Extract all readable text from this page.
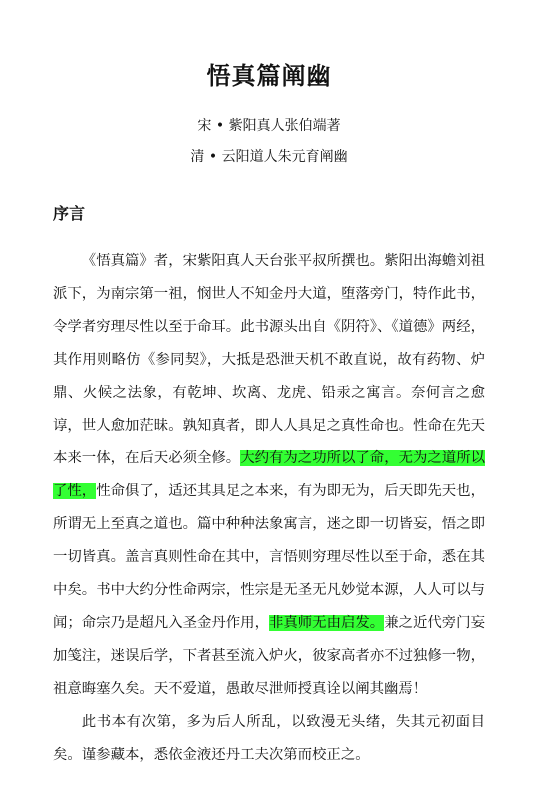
悟真篇阐幽
宋 • 紫阳真人张伯端著
清 • 云阳道人朱元育阐幽
序言

《悟真篇》者，宋紫阳真人天台张平叔所撰也。紫阳出海蟾刘祖派下，为南宗第一祖，悯世人不知金丹大道，堕落旁门，特作此书，令学者穷理尽性以至于命耳。此书源头出自《阴符》、《道德》两经，其作用则略仿《参同契》，大抵是恐泄天机不敢直说，故有药物、炉鼎、火候之法象，有乾坤、坎离、龙虎、铅汞之寓言。奈何言之愈谆，世人愈加茫昧。孰知真者，即人人具足之真性命也。性命在先天本来一体，在后天必须全修。大约有为之功所以了命，无为之道所以了性，性命俱了，适还其具足之本来，有为即无为，后天即先天也，所谓无上至真之道也。篇中种种法象寓言，迷之即一切皆妄，悟之即一切皆真。盖言真则性命在其中，言悟则穷理尽性以至于命，悉在其中矣。书中大约分性命两宗，性宗是无圣无凡妙觉本源，人人可以与闻；命宗乃是超凡入圣金丹作用，非真师无由启发。兼之近代旁门妄加笺注，迷误后学，下者甚至流入炉火，彼家高者亦不过独修一物，祖意晦塞久矣。天不爱道，愚敢尽泄师授真诠以阐其幽焉！

此书本有次第，多为后人所乱，以致漫无头绪，失其元初面目矣。谨参藏本，悉依金液还丹工夫次第而校正之。
